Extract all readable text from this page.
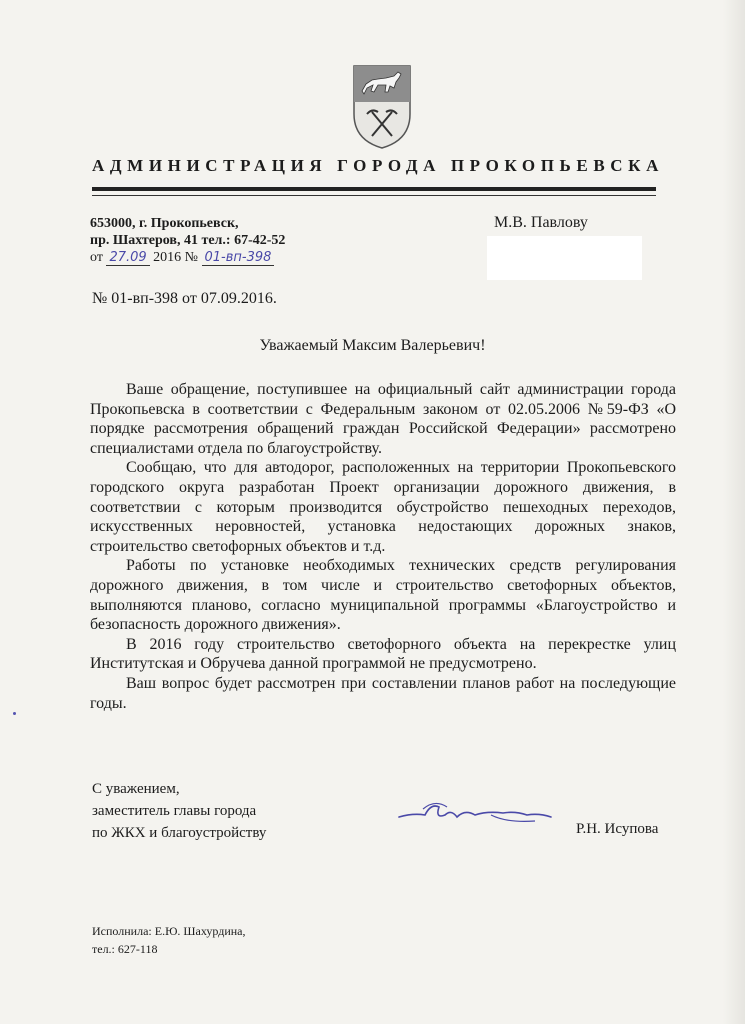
АДМИНИСТРАЦИЯ ГОРОДА ПРОКОПЬЕВСКА
653000, г. Прокопьевск,
пр. Шахтеров, 41 тел.: 67-42-52
от 27.09 2016 № 01-вп-398
М.В. Павлову
№ 01-вп-398 от 07.09.2016.
Уважаемый Максим Валерьевич!

Ваше обращение, поступившее на официальный сайт администрации города Прокопьевска в соответствии с Федеральным законом от 02.05.2006 №59-ФЗ «О порядке рассмотрения обращений граждан Российской Федерации» рассмотрено специалистами отдела по благоустройству.

Сообщаю, что для автодорог, расположенных на территории Прокопьевского городского округа разработан Проект организации дорожного движения, в соответствии с которым производится обустройство пешеходных переходов, искусственных неровностей, установка недостающих дорожных знаков, строительство светофорных объектов и т.д.

Работы по установке необходимых технических средств регулирования дорожного движения, в том числе и строительство светофорных объектов, выполняются планово, согласно муниципальной программы «Благоустройство и безопасность дорожного движения».

В 2016 году строительство светофорного объекта на перекрестке улиц Институтская и Обручева данной программой не предусмотрено.

Ваш вопрос будет рассмотрен при составлении планов работ на последующие годы.

С уважением,
заместитель главы города
по ЖКХ и благоустройству	Р.Н. Исупова
Исполнила: Е.Ю. Шахурдина,
тел.: 627-118
